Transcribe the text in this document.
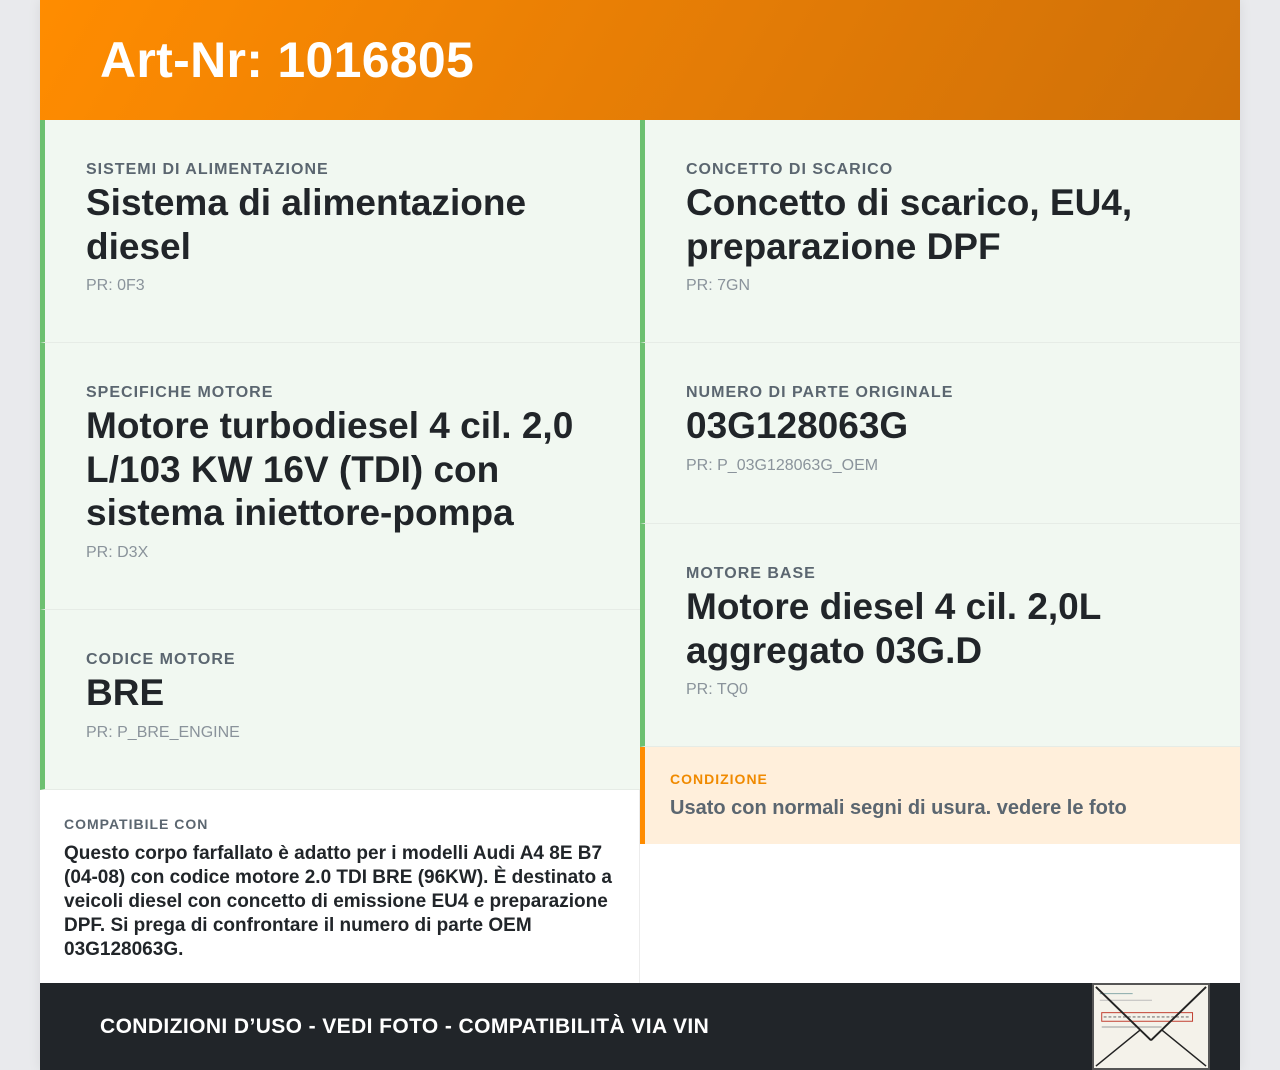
Art-Nr: 1016805
SISTEMI DI ALIMENTAZIONE
Sistema di alimentazione diesel
PR: 0F3
SPECIFICHE MOTORE
Motore turbodiesel 4 cil. 2,0 L/103 KW 16V (TDI) con sistema iniettore-pompa
PR: D3X
CODICE MOTORE
BRE
PR: P_BRE_ENGINE
COMPATIBILE CON
Questo corpo farfallato è adatto per i modelli Audi A4 8E B7 (04-08) con codice motore 2.0 TDI BRE (96KW). È destinato a veicoli diesel con concetto di emissione EU4 e preparazione DPF. Si prega di confrontare il numero di parte OEM 03G128063G.
CONCETTO DI SCARICO
Concetto di scarico, EU4, preparazione DPF
PR: 7GN
NUMERO DI PARTE ORIGINALE
03G128063G
PR: P_03G128063G_OEM
MOTORE BASE
Motore diesel 4 cil. 2,0L aggregato 03G.D
PR: TQ0
CONDIZIONE
Usato con normali segni di usura. vedere le foto
CONDIZIONI D’USO - VEDI FOTO - COMPATIBILITÀ VIA VIN
